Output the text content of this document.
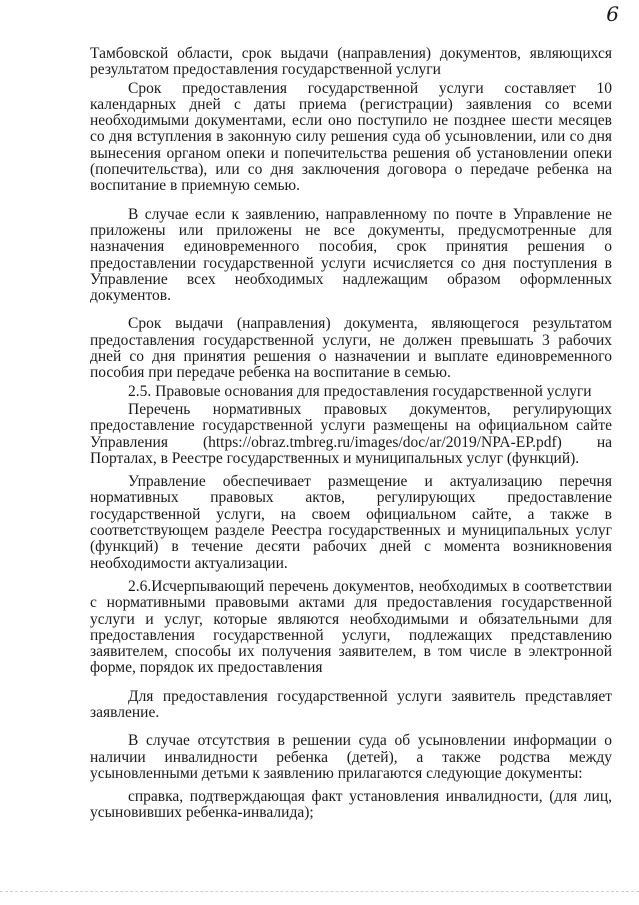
6

Тамбовской области, срок выдачи (направления) документов, являющихся результатом предоставления государственной услуги

Срок предоставления государственной услуги составляет 10 календарных дней с даты приема (регистрации) заявления со всеми необходимыми документами, если оно поступило не позднее шести месяцев со дня вступления в законную силу решения суда об усыновлении, или со дня вынесения органом опеки и попечительства решения об установлении опеки (попечительства), или со дня заключения договора о передаче ребенка на воспитание в приемную семью.

В случае если к заявлению, направленному по почте в Управление не приложены или приложены не все документы, предусмотренные для назначения единовременного пособия, срок принятия решения о предоставлении государственной услуги исчисляется со дня поступления в Управление всех необходимых надлежащим образом оформленных документов.

Срок выдачи (направления) документа, являющегося результатом предоставления государственной услуги, не должен превышать 3 рабочих дней со дня принятия решения о назначении и выплате единовременного пособия при передаче ребенка на воспитание в семью.

2.5. Правовые основания для предоставления государственной услуги

Перечень нормативных правовых документов, регулирующих предоставление государственной услуги размещены на официальном сайте Управления (https://obraz.tmbreg.ru/images/doc/ar/2019/NPA-EP.pdf) на Порталах, в Реестре государственных и муниципальных услуг (функций).

Управление обеспечивает размещение и актуализацию перечня нормативных правовых актов, регулирующих предоставление государственной услуги, на своем официальном сайте, а также в соответствующем разделе Реестра государственных и муниципальных услуг (функций) в течение десяти рабочих дней с момента возникновения необходимости актуализации.

2.6.Исчерпывающий перечень документов, необходимых в соответствии с нормативными правовыми актами для предоставления государственной услуги и услуг, которые являются необходимыми и обязательными для предоставления государственной услуги, подлежащих представлению заявителем, способы их получения заявителем, в том числе в электронной форме, порядок их предоставления

Для предоставления государственной услуги заявитель представляет заявление.

В случае отсутствия в решении суда об усыновлении информации о наличии инвалидности ребенка (детей), а также родства между усыновленными детьми к заявлению прилагаются следующие документы:

справка, подтверждающая факт установления инвалидности, (для лиц, усыновивших ребенка-инвалида);
